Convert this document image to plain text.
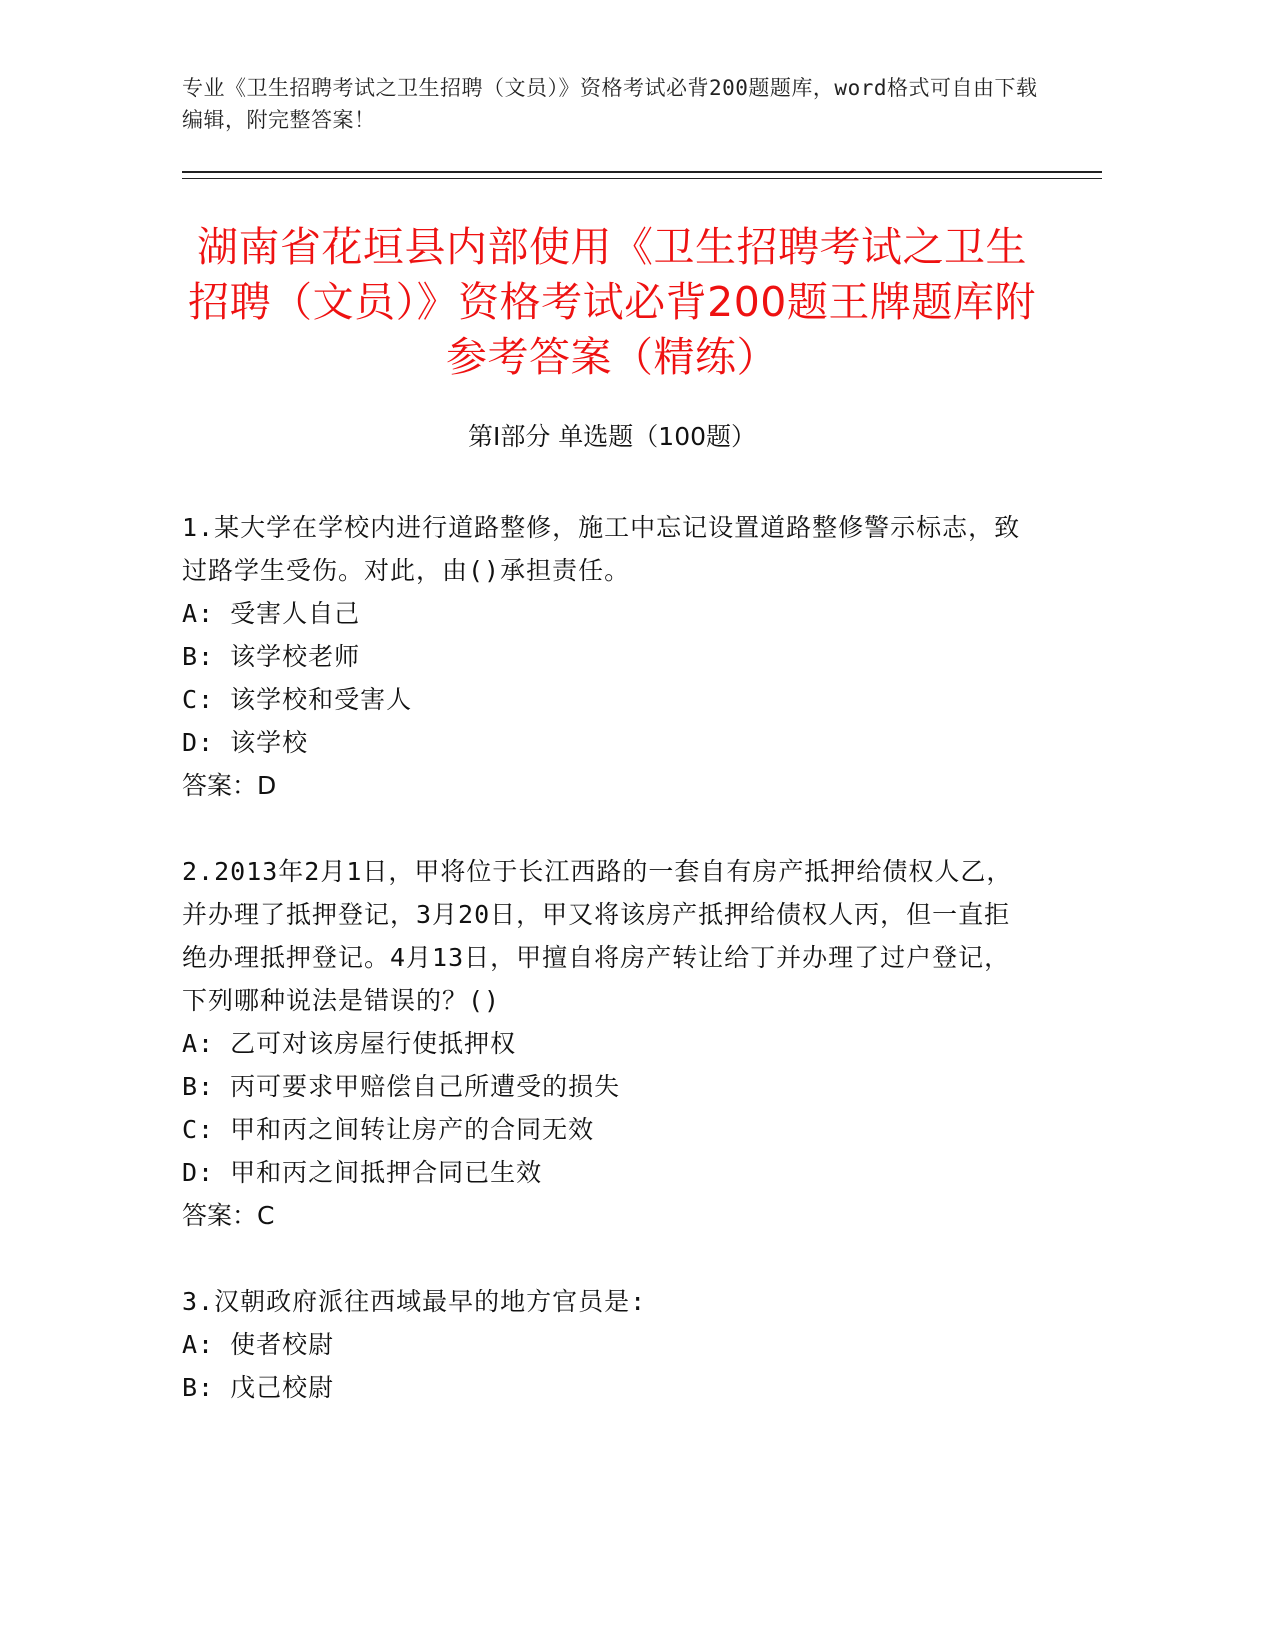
专业《卫生招聘考试之卫生招聘（文员）》资格考试必背200题题库，word格式可自由下载编辑，附完整答案！
湖南省花垣县内部使用《卫生招聘考试之卫生招聘（文员）》资格考试必背200题王牌题库附参考答案（精练）
第Ⅰ部分 单选题（100题）

1.某大学在学校内进行道路整修，施工中忘记设置道路整修警示标志，致过路学生受伤。对此，由()承担责任。

A: 受害人自己

B: 该学校老师

C: 该学校和受害人

D: 该学校

答案：D

2.2013年2月1日，甲将位于长江西路的一套自有房产抵押给债权人乙，并办理了抵押登记，3月20日，甲又将该房产抵押给债权人丙，但一直拒绝办理抵押登记。4月13日，甲擅自将房产转让给丁并办理了过户登记，下列哪种说法是错误的？()

A: 乙可对该房屋行使抵押权

B: 丙可要求甲赔偿自己所遭受的损失

C: 甲和丙之间转让房产的合同无效

D: 甲和丙之间抵押合同已生效

答案：C

3.汉朝政府派往西域最早的地方官员是:

A: 使者校尉

B: 戊己校尉
